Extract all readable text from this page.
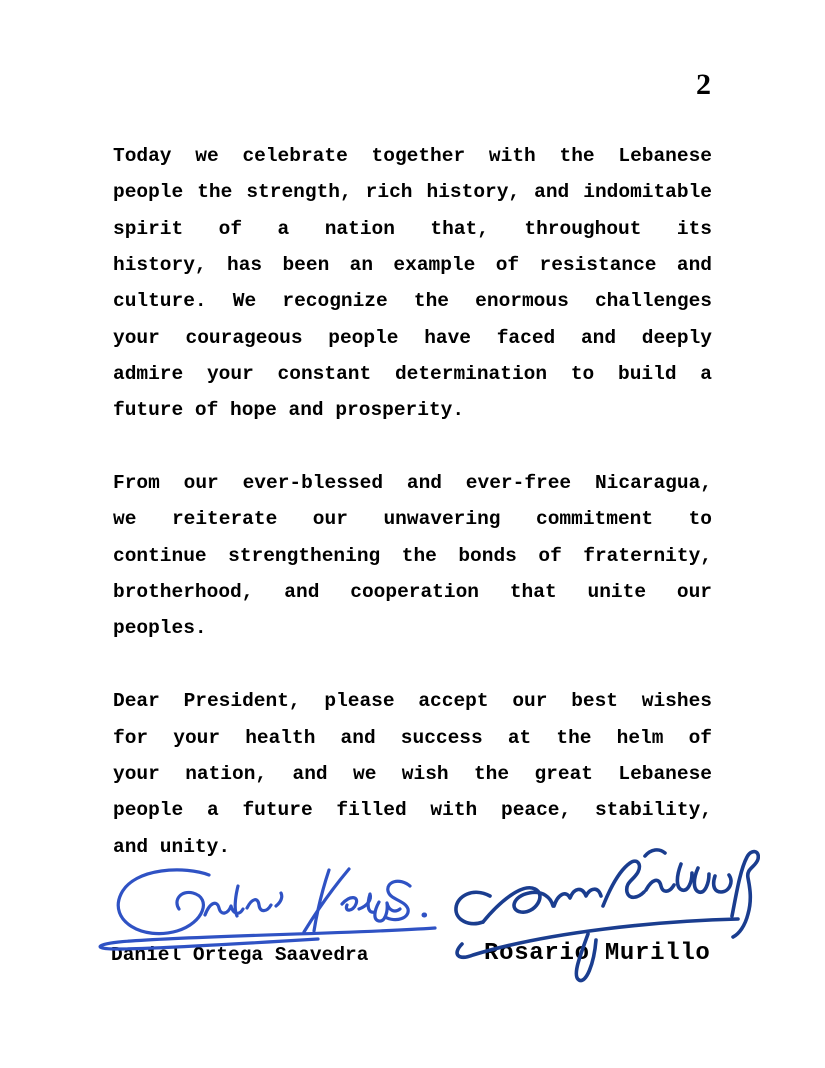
2
Today we celebrate together with the Lebanese
people the strength, rich history, and indomitable
spirit of a nation that, throughout its
history, has been an example of resistance and
culture. We recognize the enormous challenges
your courageous people have faced and deeply
admire your constant determination to build a
future of hope and prosperity.
From our ever-blessed and ever-free Nicaragua,
we reiterate our unwavering commitment to
continue strengthening the bonds of fraternity,
brotherhood, and cooperation that unite our
peoples.
Dear President, please accept our best wishes
for your health and success at the helm of
your nation, and we wish the great Lebanese
people a future filled with peace, stability,
and unity.
Daniel Ortega Saavedra	Rosario Murillo
